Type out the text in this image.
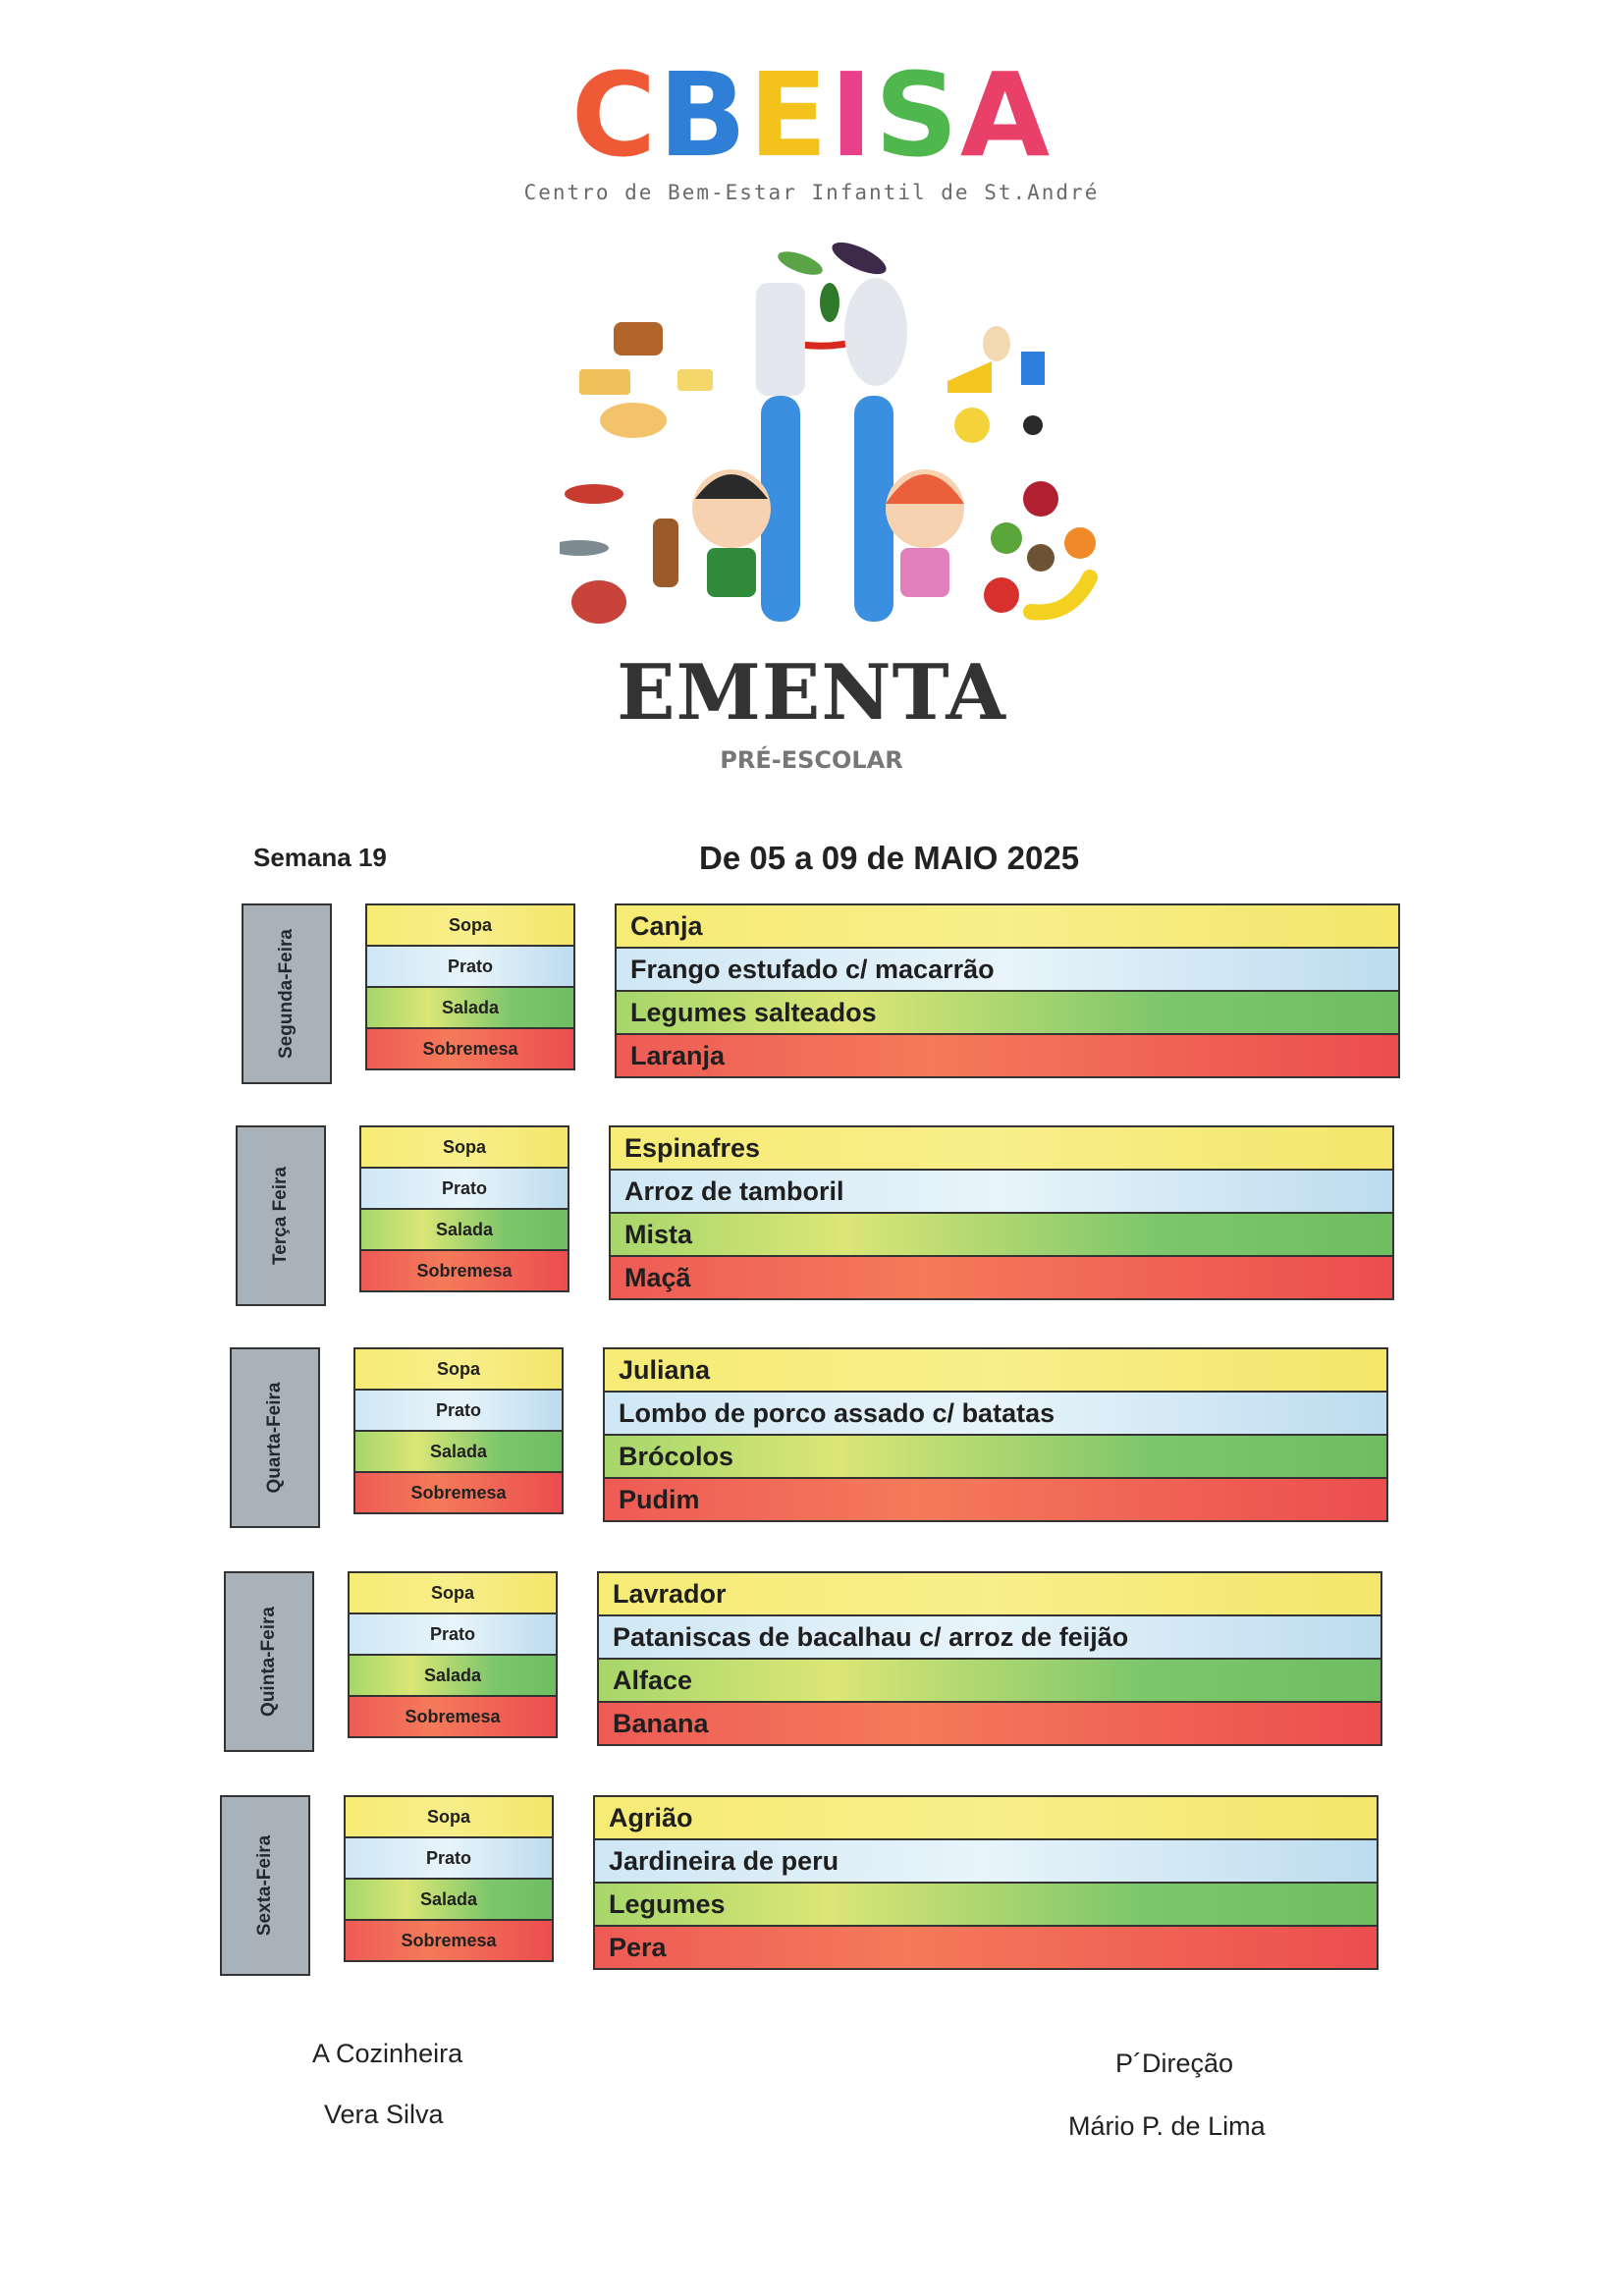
CBEISA
Centro de Bem-Estar Infantil de St.André
EMENTA
PRÉ-ESCOLAR
Semana 19	De 05 a 09 de MAIO 2025
Segunda-Feira
Sopa
Prato
Salada
Sobremesa
Canja
Frango estufado c/ macarrão
Legumes salteados
Laranja
Terça Feira
Sopa
Prato
Salada
Sobremesa
Espinafres
Arroz de tamboril
Mista
Maçã
Quarta-Feira
Sopa
Prato
Salada
Sobremesa
Juliana
Lombo de porco assado c/ batatas
Brócolos
Pudim
Quinta-Feira
Sopa
Prato
Salada
Sobremesa
Lavrador
Pataniscas de bacalhau c/ arroz de feijão
Alface
Banana
Sexta-Feira
Sopa
Prato
Salada
Sobremesa
Agrião
Jardineira de peru
Legumes
Pera
A Cozinheira
Vera Silva
P´Direção
Mário P. de Lima
